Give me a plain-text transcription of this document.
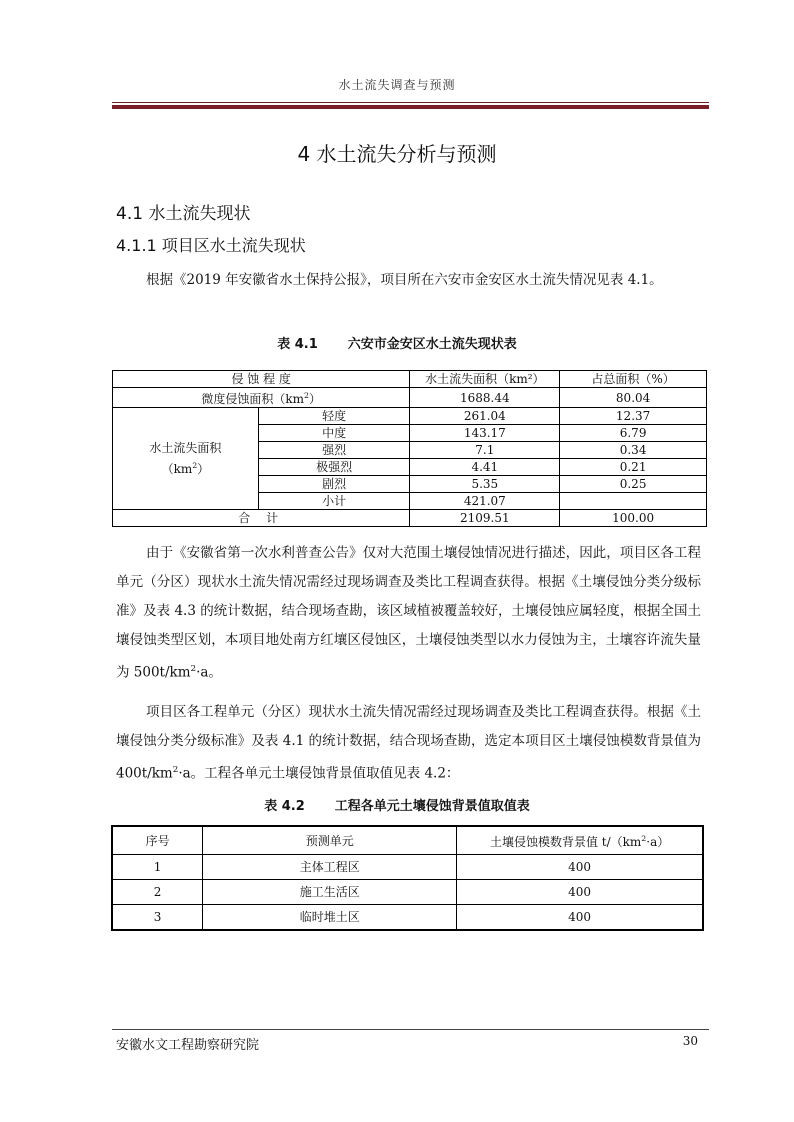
水土流失调查与预测
4 水土流失分析与预测
4.1 水土流失现状
4.1.1 项目区水土流失现状
根据《2019 年安徽省水土保持公报》，项目所在六安市金安区水土流失情况见表 4.1。
表 4.1 六安市金安区水土流失现状表
侵 蚀 程 度		水土流失面积（km²）	占总面积（%）
微度侵蚀面积$(km^2)$		1688.44	80.04
水土流失面积
$(km^2)$	轻度	261.04	12.37
	中度	143.17	6.79
	强烈	7.1	0.34
	极强烈	4.41	0.21
	剧烈	5.35	0.25
	小计	421.07	
合 计		2109.51	100.00
由于《安徽省第一次水利普查公告》仅对大范围土壤侵蚀情况进行描述，因此，项目区各工程单元（分区）现状水土流失情况需经过现场调查及类比工程调查获得。根据《土壤侵蚀分类分级标准》及表 4.3 的统计数据，结合现场查勘，该区域植被覆盖较好，土壤侵蚀应属轻度，根据全国土壤侵蚀类型区划，本项目地处南方红壤区侵蚀区，土壤侵蚀类型以水力侵蚀为主，土壤容许流失量为 $500t/km^2\cdot a$。
项目区各工程单元（分区）现状水土流失情况需经过现场调查及类比工程调查获得。根据《土壤侵蚀分类分级标准》及表 4.1 的统计数据，结合现场查勘，选定本项目区土壤侵蚀模数背景值为 $400t/km^2\cdot a$。工程各单元土壤侵蚀背景值取值见表 4.2：
表 4.2 工程各单元土壤侵蚀背景值取值表
序号	预测单元	土壤侵蚀模数背景值 $t/(km^2\cdot a)$
1	主体工程区	400
2	施工生活区	400
3	临时堆土区	400
安徽水文工程勘察研究院	30
